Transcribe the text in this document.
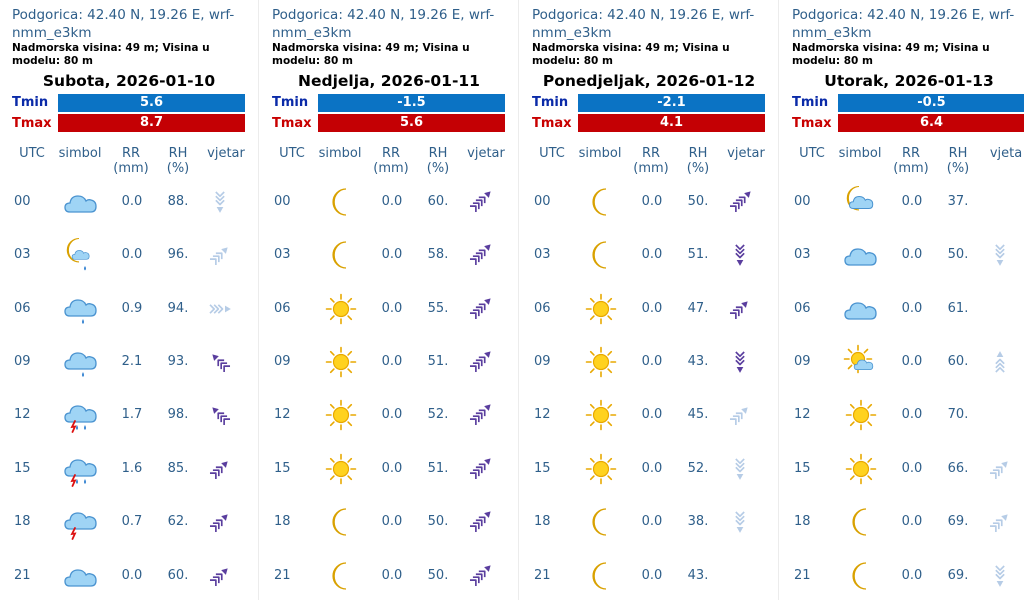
Podgorica: 42.40 N, 19.26 E, wrf-nmm_e3km
Nadmorska visina: 49 m; Visina u modelu: 80 m
Subota, 2026-01-10
Tmin	5.6
Tmax	8.7
UTC	simbol	RR
(mm)
RH
(%)
vjetar
00	0.0	88.
03	0.0	96.
06	0.9	94.
09	2.1	93.
12	1.7	98.
15	1.6	85.
18	0.7	62.
21	0.0	60.
Podgorica: 42.40 N, 19.26 E, wrf-nmm_e3km
Nadmorska visina: 49 m; Visina u modelu: 80 m
Nedjelja, 2026-01-11
Tmin	-1.5
Tmax	5.6
UTC	simbol	RR
(mm)
RH
(%)
vjetar
00	0.0	60.
03	0.0	58.
06	0.0	55.
09	0.0	51.
12	0.0	52.
15	0.0	51.
18	0.0	50.
21	0.0	50.
Podgorica: 42.40 N, 19.26 E, wrf-nmm_e3km
Nadmorska visina: 49 m; Visina u modelu: 80 m
Ponedjeljak, 2026-01-12
Tmin	-2.1
Tmax	4.1
UTC	simbol	RR
(mm)
RH
(%)
vjetar
00	0.0	50.
03	0.0	51.
06	0.0	47.
09	0.0	43.
12	0.0	45.
15	0.0	52.
18	0.0	38.
21	0.0	43.
Podgorica: 42.40 N, 19.26 E, wrf-nmm_e3km
Nadmorska visina: 49 m; Visina u modelu: 80 m
Utorak, 2026-01-13
Tmin	-0.5
Tmax	6.4
UTC	simbol	RR
(mm)
RH
(%)
vjeta
00	0.0	37.
03	0.0	50.
06	0.0	61.
09	0.0	60.
12	0.0	70.
15	0.0	66.
18	0.0	69.
21	0.0	69.
